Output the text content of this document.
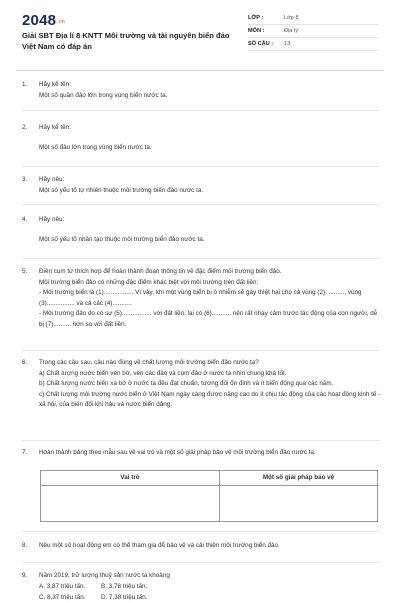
2048.vn
Giải SBT Địa lí 8 KNTT Môi trường và tài nguyên biển đảo Việt Nam có đáp án
LỚP :	Lớp 8
MÔN :	Địa lý
SỐ CÂU :	13
1. Hãy kể tên:
Một số quần đảo lớn trong vùng biển nước ta.
2. Hãy kể tên:
Một số đảo lớn trong vùng biển nước ta.
3. Hãy nêu:
Một số yếu tố tự nhiên thuộc môi trường biển đảo nước ta.
4. Hãy nêu:
Một số yếu tố nhân tạo thuộc môi trường biển đảo nước ta.
5. Điền cụm từ thích hợp để hoàn thành đoạn thông tin về đặc điểm môi trường biển đảo.
Môi trường biển đảo có những đặc điểm khác biệt với môi trường trên đất liền:
- Môi trường biển là (1)................. Vì vậy, khi một vùng biển bị ô nhiễm sẽ gây thiệt hại cho cả vùng (2). ........., vùng (3)................ và cả các (4)...........
- Môi trường đảo do có sự (5)................. với đất liền, lại có (6)........... nên rất nhạy cảm trước tác động của con người, dễ bị (7).......... hơn so với đất liền.
6. Trong các câu sau, câu nào đúng về chất lượng môi trường biển đảo nước ta?
a) Chất lượng nước biển ven bờ, ven các đảo và cụm đảo ở nước ta nhìn chung khá tốt.
b) Chất lượng nước biển xa bờ ở nước ta đều đạt chuẩn, tương đối ổn định và ít biến động qua các năm.
c) Chất lượng môi trường nước biển ở Việt Nam ngày càng được nâng cao do ít chịu tác động của các hoạt động kinh tế - xã hội, của biến đổi khí hậu và nước biển dâng.
7. Hoàn thành bảng theo mẫu sau về vai trò và một số giải pháp bảo vệ môi trường biển đảo nước ta.
Vai trò	Một số giải pháp bảo vệ
8. Nêu một số hoạt động em có thể tham gia để bảo vệ và cải thiện môi trường biển đảo.
9. Năm 2019, trữ lượng thuỷ sản nước ta khoảng
A. 3,87 triệu tấn.	B. 3,78 triệu tấn.
C. 8,37 triệu tấn. D. 7,38 triệu tấn.
